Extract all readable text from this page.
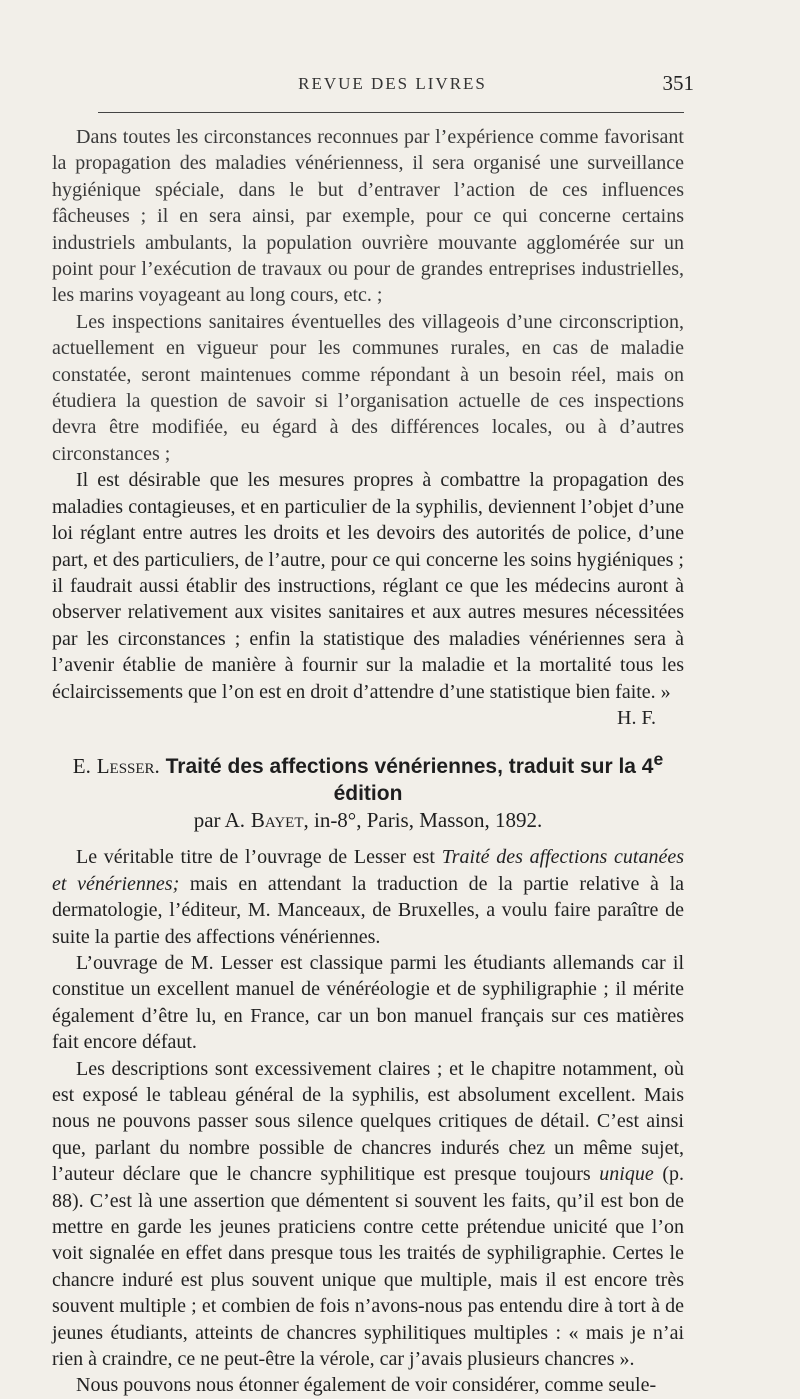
REVUE DES LIVRES	351

Dans toutes les circonstances reconnues par l’expérience comme favorisant la propagation des maladies vénérienness, il sera organisé une surveillance hygiénique spéciale, dans le but d’entraver l’action de ces influences fâcheuses ; il en sera ainsi, par exemple, pour ce qui concerne certains industriels ambulants, la population ouvrière mouvante agglomérée sur un point pour l’exécution de travaux ou pour de grandes entreprises industrielles, les marins voyageant au long cours, etc. ;

Les inspections sanitaires éventuelles des villageois d’une circonscription, actuellement en vigueur pour les communes rurales, en cas de maladie constatée, seront maintenues comme répondant à un besoin réel, mais on étudiera la question de savoir si l’organisation actuelle de ces inspections devra être modifiée, eu égard à des différences locales, ou à d’autres circonstances ;

Il est désirable que les mesures propres à combattre la propagation des maladies contagieuses, et en particulier de la syphilis, deviennent l’objet d’une loi réglant entre autres les droits et les devoirs des autorités de police, d’une part, et des particuliers, de l’autre, pour ce qui concerne les soins hygiéniques ; il faudrait aussi établir des instructions, réglant ce que les médecins auront à observer relativement aux visites sanitaires et aux autres mesures nécessitées par les circonstances ; enfin la statistique des maladies vénériennes sera à l’avenir établie de manière à fournir sur la maladie et la mortalité tous les éclaircissements que l’on est en droit d’attendre d’une statistique bien faite. »

H. F.
E. Lesser. Traité des affections vénériennes, traduit sur la 4e édition
par A. Bayet, in-8°, Paris, Masson, 1892.

Le véritable titre de l’ouvrage de Lesser est Traité des affections cutanées et vénériennes; mais en attendant la traduction de la partie relative à la dermatologie, l’éditeur, M. Manceaux, de Bruxelles, a voulu faire paraître de suite la partie des affections vénériennes.

L’ouvrage de M. Lesser est classique parmi les étudiants allemands car il constitue un excellent manuel de vénéréologie et de syphiligraphie ; il mérite également d’être lu, en France, car un bon manuel français sur ces matières fait encore défaut.

Les descriptions sont excessivement claires ; et le chapitre notamment, où est exposé le tableau général de la syphilis, est absolument excellent. Mais nous ne pouvons passer sous silence quelques critiques de détail. C’est ainsi que, parlant du nombre possible de chancres indurés chez un même sujet, l’auteur déclare que le chancre syphilitique est presque toujours unique (p. 88). C’est là une assertion que démentent si souvent les faits, qu’il est bon de mettre en garde les jeunes praticiens contre cette prétendue unicité que l’on voit signalée en effet dans presque tous les traités de syphiligraphie. Certes le chancre induré est plus souvent unique que multiple, mais il est encore très souvent multiple ; et combien de fois n’avons-nous pas entendu dire à tort à de jeunes étudiants, atteints de chancres syphilitiques multiples : « mais je n’ai rien à craindre, ce ne peut-être la vérole, car j’avais plusieurs chancres ».

Nous pouvons nous étonner également de voir considérer, comme seule-
